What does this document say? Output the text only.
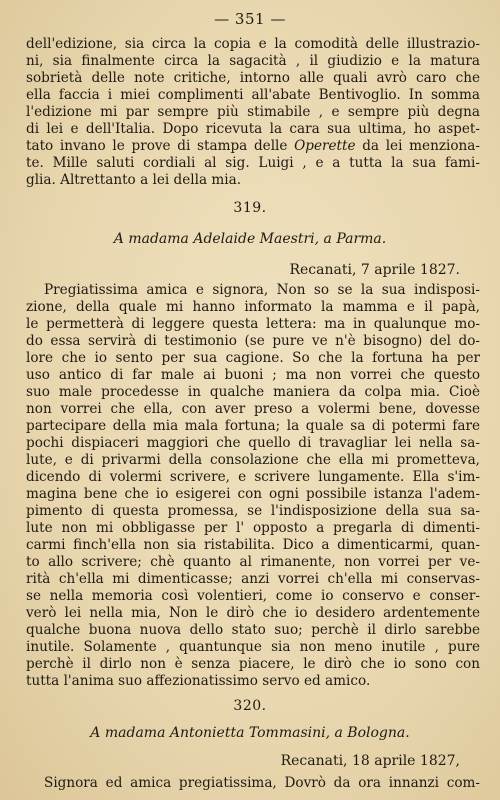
— 351 —
dell'edizione, sia circa la copia e la comodità delle illustrazio-
ni, sia finalmente circa la sagacità , il giudizio e la matura
sobrietà delle note critiche, intorno alle quali avrò caro che
ella faccia i miei complimenti all'abate Bentivoglio. In somma
l'edizione mi par sempre più stimabile , e sempre più degna
di lei e dell'Italia. Dopo ricevuta la cara sua ultima, ho aspet-
tato invano le prove di stampa delle Operette da lei menziona-
te. Mille saluti cordiali al sig. Luigi , e a tutta la sua fami-
glia. Altrettanto a lei della mia.
319.
A madama Adelaide Maestri, a Parma.
Recanati, 7 aprile 1827.
Pregiatissima amica e signora, Non so se la sua indisposi-
zione, della quale mi hanno informato la mamma e il papà,
le permetterà di leggere questa lettera: ma in qualunque mo-
do essa servirà di testimonio (se pure ve n'è bisogno) del do-
lore che io sento per sua cagione. So che la fortuna ha per
uso antico di far male ai buoni ; ma non vorrei che questo
suo male procedesse in qualche maniera da colpa mia. Cioè
non vorrei che ella, con aver preso a volermi bene, dovesse
partecipare della mia mala fortuna; la quale sa di potermi fare
pochi dispiaceri maggiori che quello di travagliar lei nella sa-
lute, e di privarmi della consolazione che ella mi prometteva,
dicendo di volermi scrivere, e scrivere lungamente. Ella s'im-
magina bene che io esigerei con ogni possibile istanza l'adem-
pimento di questa promessa, se l'indisposizione della sua sa-
lute non mi obbligasse per l' opposto a pregarla di dimenti-
carmi finch'ella non sia ristabilita. Dico a dimenticarmi, quan-
to allo scrivere; chè quanto al rimanente, non vorrei per ve-
rità ch'ella mi dimenticasse; anzi vorrei ch'ella mi conservas-
se nella memoria così volentieri, come io conservo e conser-
verò lei nella mia, Non le dirò che io desidero ardentemente
qualche buona nuova dello stato suo; perchè il dirlo sarebbe
inutile. Solamente , quantunque sia non meno inutile , pure
perchè il dirlo non è senza piacere, le dirò che io sono con
tutta l'anima suo affezionatissimo servo ed amico.
320.
A madama Antonietta Tommasini, a Bologna.
Recanati, 18 aprile 1827,
Signora ed amica pregiatissima, Dovrò da ora innanzi com-
